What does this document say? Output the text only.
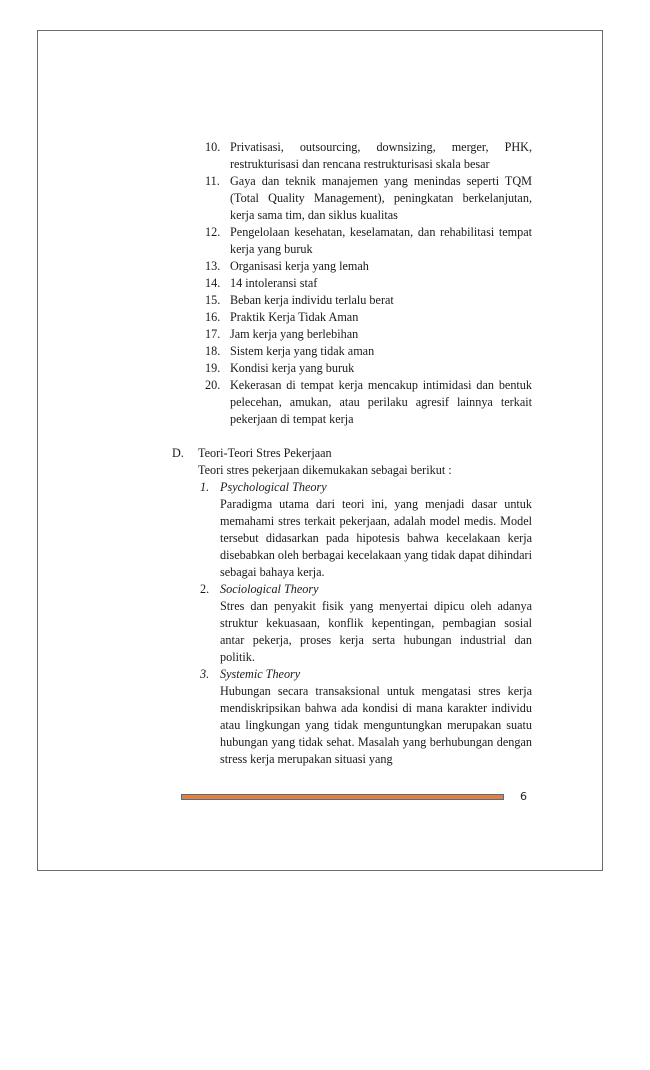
10. Privatisasi, outsourcing, downsizing, merger, PHK, restrukturisasi dan rencana restrukturisasi skala besar
11. Gaya dan teknik manajemen yang menindas seperti TQM (Total Quality Management), peningkatan berkelanjutan, kerja sama tim, dan siklus kualitas
12. Pengelolaan kesehatan, keselamatan, dan rehabilitasi tempat kerja yang buruk
13. Organisasi kerja yang lemah
14. 14 intoleransi staf
15. Beban kerja individu terlalu berat
16. Praktik Kerja Tidak Aman
17. Jam kerja yang berlebihan
18. Sistem kerja yang tidak aman
19. Kondisi kerja yang buruk
20. Kekerasan di tempat kerja mencakup intimidasi dan bentuk pelecehan, amukan, atau perilaku agresif lainnya terkait pekerjaan di tempat kerja
D. Teori-Teori Stres Pekerjaan
Teori stres pekerjaan dikemukakan sebagai berikut :
1. Psychological Theory
Paradigma utama dari teori ini, yang menjadi dasar untuk memahami stres terkait pekerjaan, adalah model medis. Model tersebut didasarkan pada hipotesis bahwa kecelakaan kerja disebabkan oleh berbagai kecelakaan yang tidak dapat dihindari sebagai bahaya kerja.
2. Sociological Theory
Stres dan penyakit fisik yang menyertai dipicu oleh adanya struktur kekuasaan, konflik kepentingan, pembagian sosial antar pekerja, proses kerja serta hubungan industrial dan politik.
3. Systemic Theory
Hubungan secara transaksional untuk mengatasi stres kerja mendiskripsikan bahwa ada kondisi di mana karakter individu atau lingkungan yang tidak menguntungkan merupakan suatu hubungan yang tidak sehat. Masalah yang berhubungan dengan stress kerja merupakan situasi yang
6
